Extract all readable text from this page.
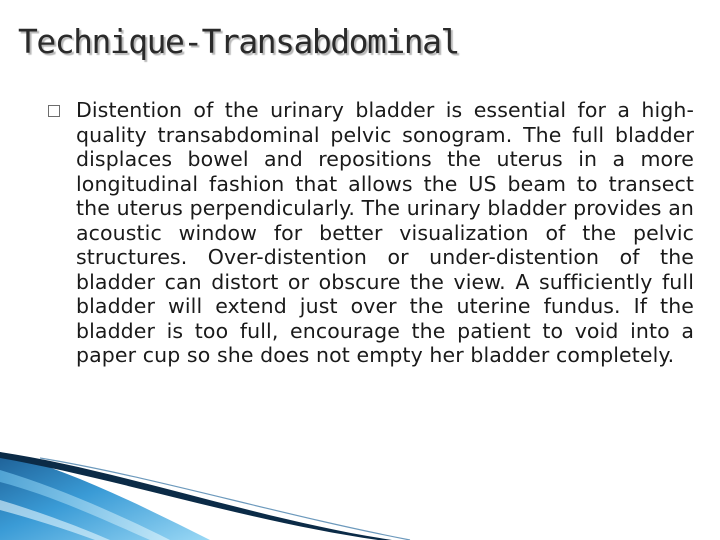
Technique-Transabdominal

Distention of the urinary bladder is essential for a high-quality transabdominal pelvic sonogram. The full bladder displaces bowel and repositions the uterus in a more longitudinal fashion that allows the US beam to transect the uterus perpendicularly. The urinary bladder provides an acoustic window for better visualization of the pelvic structures. Over-distention or under-distention of the bladder can distort or obscure the view. A sufficiently full bladder will extend just over the uterine fundus. If the bladder is too full, encourage the patient to void into a paper cup so she does not empty her bladder completely.
